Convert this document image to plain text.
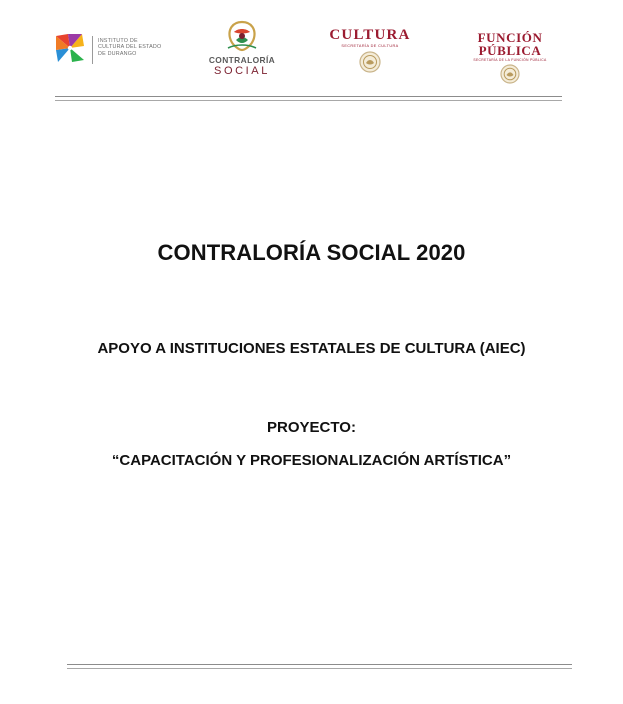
INSTITUTO DE
CULTURA DEL ESTADO
DE DURANGO
CONTRALORÍA
SOCIAL
CULTURA
SECRETARÍA DE CULTURA
FUNCIÓN
PÚBLICA
SECRETARÍA DE LA FUNCIÓN PÚBLICA
CONTRALORÍA SOCIAL 2020
APOYO A INSTITUCIONES ESTATALES DE CULTURA (AIEC)
PROYECTO:
“CAPACITACIÓN Y PROFESIONALIZACIÓN ARTÍSTICA”
